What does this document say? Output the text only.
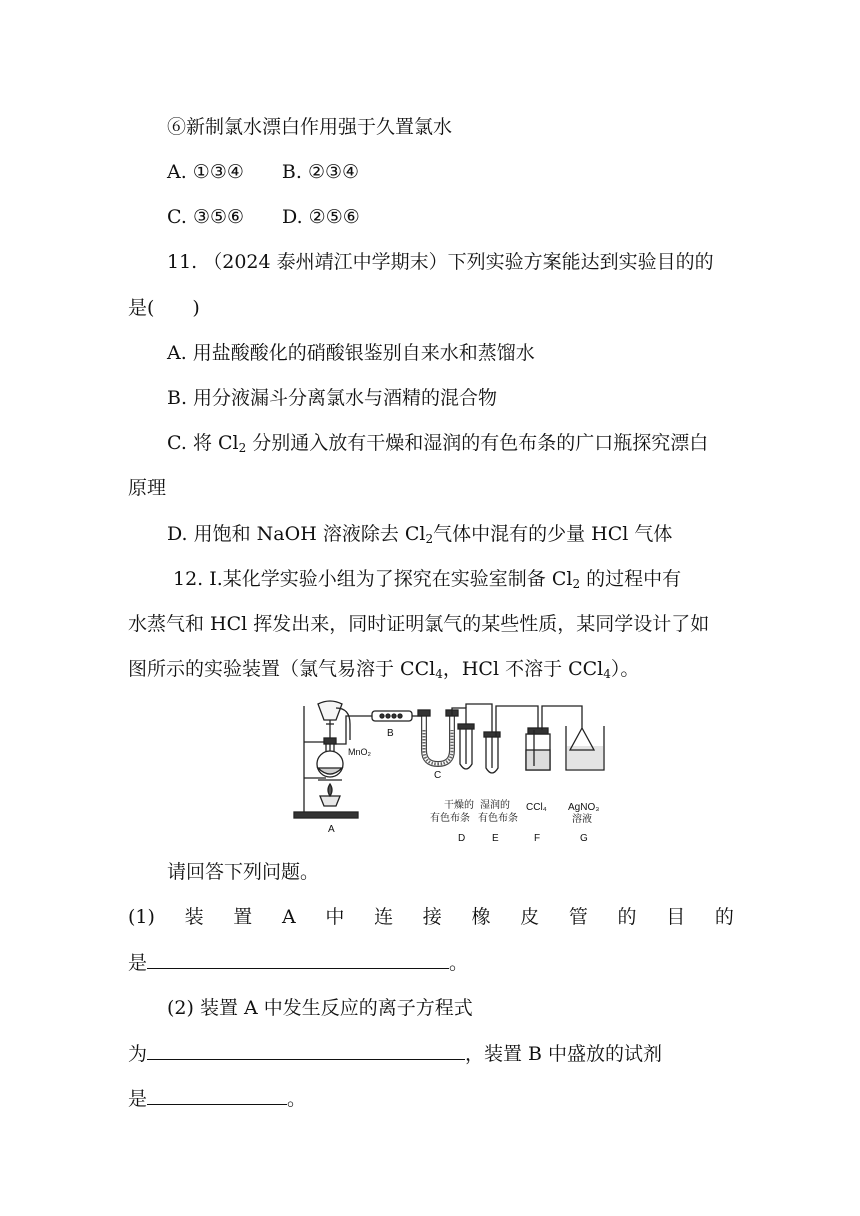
⑥新制氯水漂白作用强于久置氯水
A. ①③④ B. ②③④
C. ③⑤⑥ D. ②⑤⑥
11. （2024 泰州靖江中学期末）下列实验方案能达到实验目的的
是(　　)
A. 用盐酸酸化的硝酸银鉴别自来水和蒸馏水
B. 用分液漏斗分离氯水与酒精的混合物
C. 将 $Cl_2$ 分别通入放有干燥和湿润的有色布条的广口瓶探究漂白
原理
D. 用饱和 NaOH 溶液除去 $Cl_2$气体中混有的少量 HCl 气体
12. Ⅰ.某化学实验小组为了探究在实验室制备 $Cl_2$ 的过程中有
水蒸气和 HCl 挥发出来，同时证明氯气的某些性质，某同学设计了如
图所示的实验装置（氯气易溶于 CCl$_4$，HCl 不溶于 CCl$_4$）。
MnO₂
A
B
C
干燥的
有色布条
D
湿润的
有色布条
E
CCl₄
F
AgNO₃
溶液
G
请回答下列问题。
(1) 装 置 A 中 连 接 橡 皮 管 的 目 的
是	。
(2) 装置 A 中发生反应的离子方程式
为	，装置 B 中盛放的试剂
是	。
